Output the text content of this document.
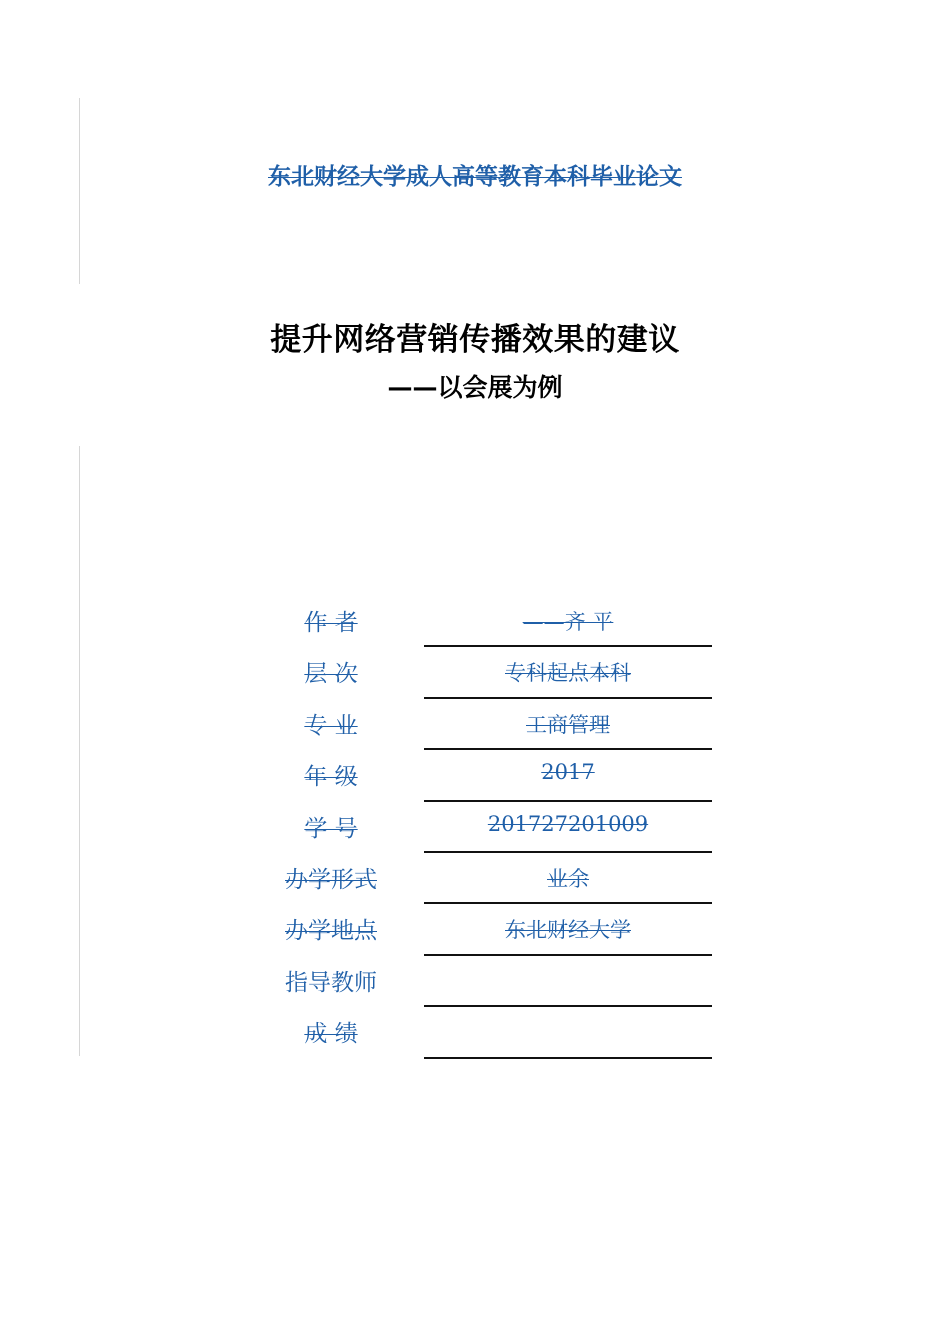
东北财经大学成人高等教育本科毕业论文
提升网络营销传播效果的建议
——以会展为例
作 者	——齐 平
层 次	专科起点本科
专 业	工商管理
年 级	2017
学 号	201727201009
办学形式	业余
办学地点	东北财经大学
指导教师
成 绩
